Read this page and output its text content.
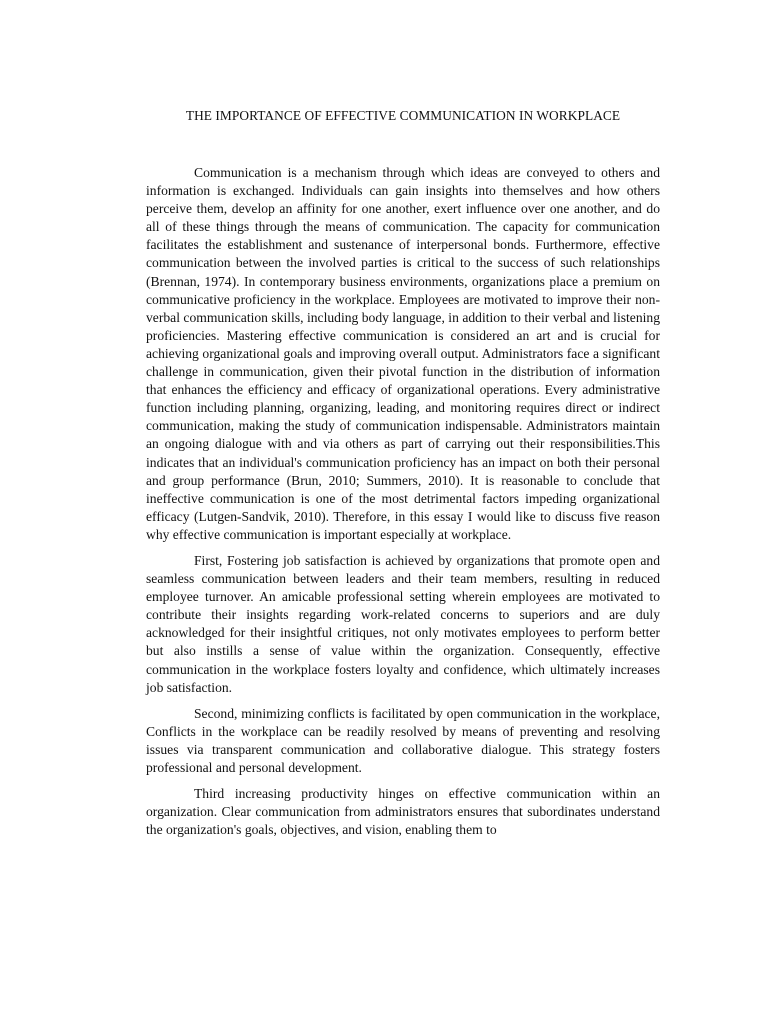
THE IMPORTANCE OF EFFECTIVE COMMUNICATION IN WORKPLACE

Communication is a mechanism through which ideas are conveyed to others and information is exchanged. Individuals can gain insights into themselves and how others perceive them, develop an affinity for one another, exert influence over one another, and do all of these things through the means of communication. The capacity for communication facilitates the establishment and sustenance of interpersonal bonds. Furthermore, effective communication between the involved parties is critical to the success of such relationships (Brennan, 1974). In contemporary business environments, organizations place a premium on communicative proficiency in the workplace. Employees are motivated to improve their non-verbal communication skills, including body language, in addition to their verbal and listening proficiencies. Mastering effective communication is considered an art and is crucial for achieving organizational goals and improving overall output. Administrators face a significant challenge in communication, given their pivotal function in the distribution of information that enhances the efficiency and efficacy of organizational operations. Every administrative function including planning, organizing, leading, and monitoring requires direct or indirect communication, making the study of communication indispensable. Administrators maintain an ongoing dialogue with and via others as part of carrying out their responsibilities.This indicates that an individual's communication proficiency has an impact on both their personal and group performance (Brun, 2010; Summers, 2010). It is reasonable to conclude that ineffective communication is one of the most detrimental factors impeding organizational efficacy (Lutgen-Sandvik, 2010). Therefore, in this essay I would like to discuss five reason why effective communication is important especially at workplace.

First, Fostering job satisfaction is achieved by organizations that promote open and seamless communication between leaders and their team members, resulting in reduced employee turnover. An amicable professional setting wherein employees are motivated to contribute their insights regarding work-related concerns to superiors and are duly acknowledged for their insightful critiques, not only motivates employees to perform better but also instills a sense of value within the organization. Consequently, effective communication in the workplace fosters loyalty and confidence, which ultimately increases job satisfaction.

Second, minimizing conflicts is facilitated by open communication in the workplace, Conflicts in the workplace can be readily resolved by means of preventing and resolving issues via transparent communication and collaborative dialogue. This strategy fosters professional and personal development.

Third increasing productivity hinges on effective communication within an organization. Clear communication from administrators ensures that subordinates understand the organization's goals, objectives, and vision, enabling them to
